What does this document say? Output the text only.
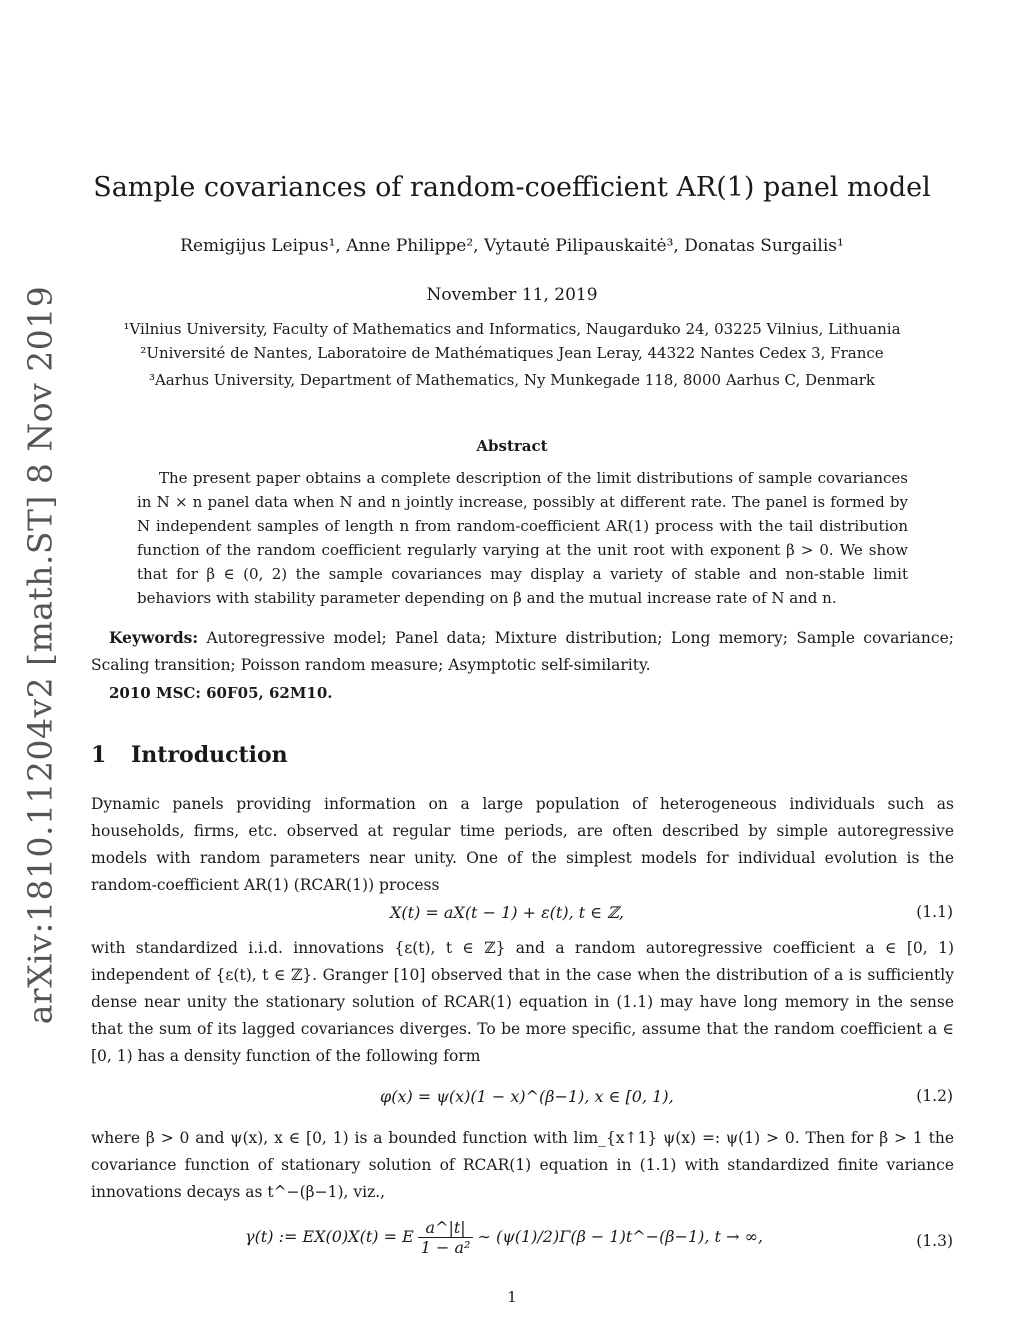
arXiv:1810.11204v2 [math.ST] 8 Nov 2019
Sample covariances of random-coefficient AR(1) panel model
Remigijus Leipus¹, Anne Philippe², Vytautė Pilipauskaitė³, Donatas Surgailis¹
November 11, 2019
¹Vilnius University, Faculty of Mathematics and Informatics, Naugarduko 24, 03225 Vilnius, Lithuania
²Université de Nantes, Laboratoire de Mathématiques Jean Leray, 44322 Nantes Cedex 3, France
³Aarhus University, Department of Mathematics, Ny Munkegade 118, 8000 Aarhus C, Denmark
Abstract
The present paper obtains a complete description of the limit distributions of sample covariances in N × n panel data when N and n jointly increase, possibly at different rate. The panel is formed by N independent samples of length n from random-coefficient AR(1) process with the tail distribution function of the random coefficient regularly varying at the unit root with exponent β > 0. We show that for β ∈ (0, 2) the sample covariances may display a variety of stable and non-stable limit behaviors with stability parameter depending on β and the mutual increase rate of N and n.
Keywords: Autoregressive model; Panel data; Mixture distribution; Long memory; Sample covariance; Scaling transition; Poisson random measure; Asymptotic self-similarity.
2010 MSC: 60F05, 62M10.
1 Introduction
Dynamic panels providing information on a large population of heterogeneous individuals such as households, firms, etc. observed at regular time periods, are often described by simple autoregressive models with random parameters near unity. One of the simplest models for individual evolution is the random-coefficient AR(1) (RCAR(1)) process
X(t) = aX(t − 1) + ε(t), t ∈ ℤ,	(1.1)
with standardized i.i.d. innovations {ε(t), t ∈ ℤ} and a random autoregressive coefficient a ∈ [0, 1) independent of {ε(t), t ∈ ℤ}. Granger [10] observed that in the case when the distribution of a is sufficiently dense near unity the stationary solution of RCAR(1) equation in (1.1) may have long memory in the sense that the sum of its lagged covariances diverges. To be more specific, assume that the random coefficient a ∈ [0, 1) has a density function of the following form
φ(x) = ψ(x)(1 − x)^(β−1), x ∈ [0, 1),	(1.2)
where β > 0 and ψ(x), x ∈ [0, 1) is a bounded function with lim_{x↑1} ψ(x) =: ψ(1) > 0. Then for β > 1 the covariance function of stationary solution of RCAR(1) equation in (1.1) with standardized finite variance innovations decays as t^−(β−1), viz.,
γ(t) := EX(0)X(t) = E $\frac{a\^{}|t|}{\text{1 − a²}}$ ∼ (ψ(1)/2)Γ(β − 1)t^−(β−1), t → ∞,	(1.3)
1
